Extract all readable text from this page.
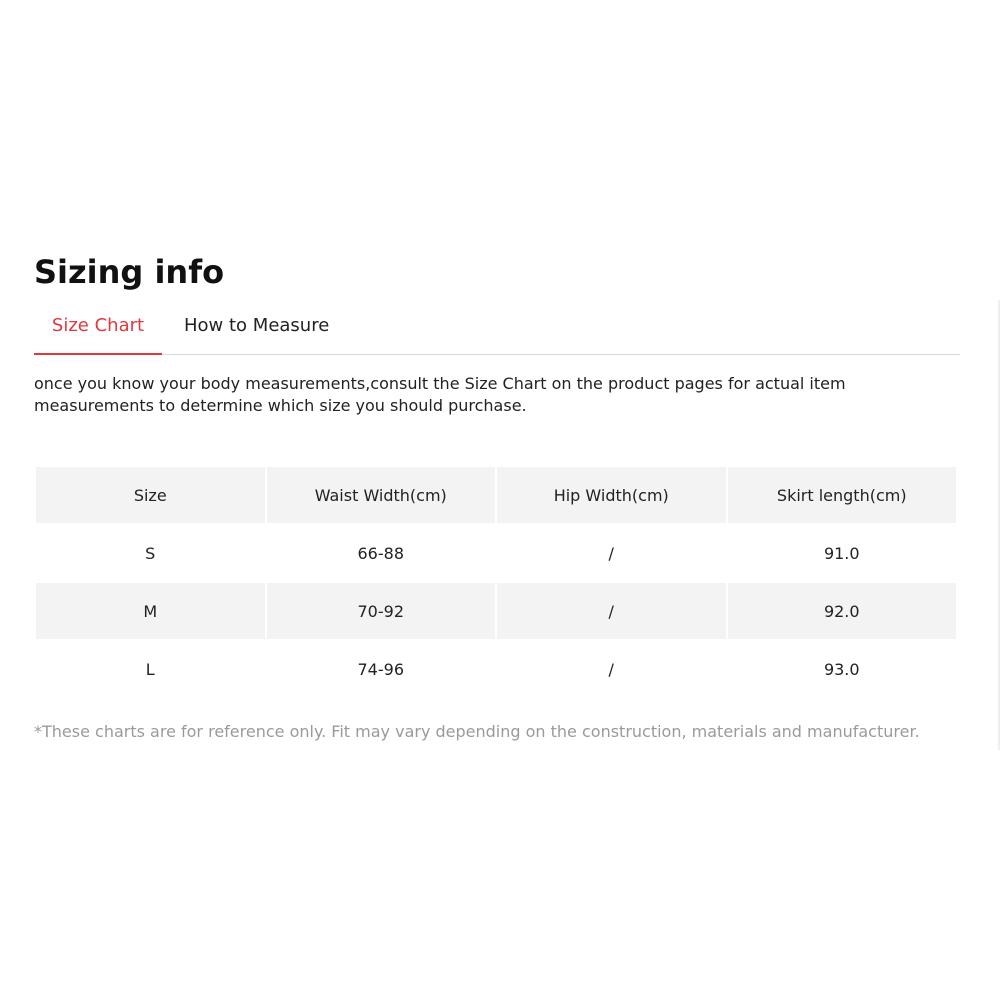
Sizing info
Size Chart	How to Measure
once you know your body measurements,consult the Size Chart on the product pages for actual item measurements to determine which size you should purchase.
Size	Waist Width(cm)	Hip Width(cm)	Skirt length(cm)
S	66-88	/	91.0
M	70-92	/	92.0
L	74-96	/	93.0
*These charts are for reference only. Fit may vary depending on the construction, materials and manufacturer.
